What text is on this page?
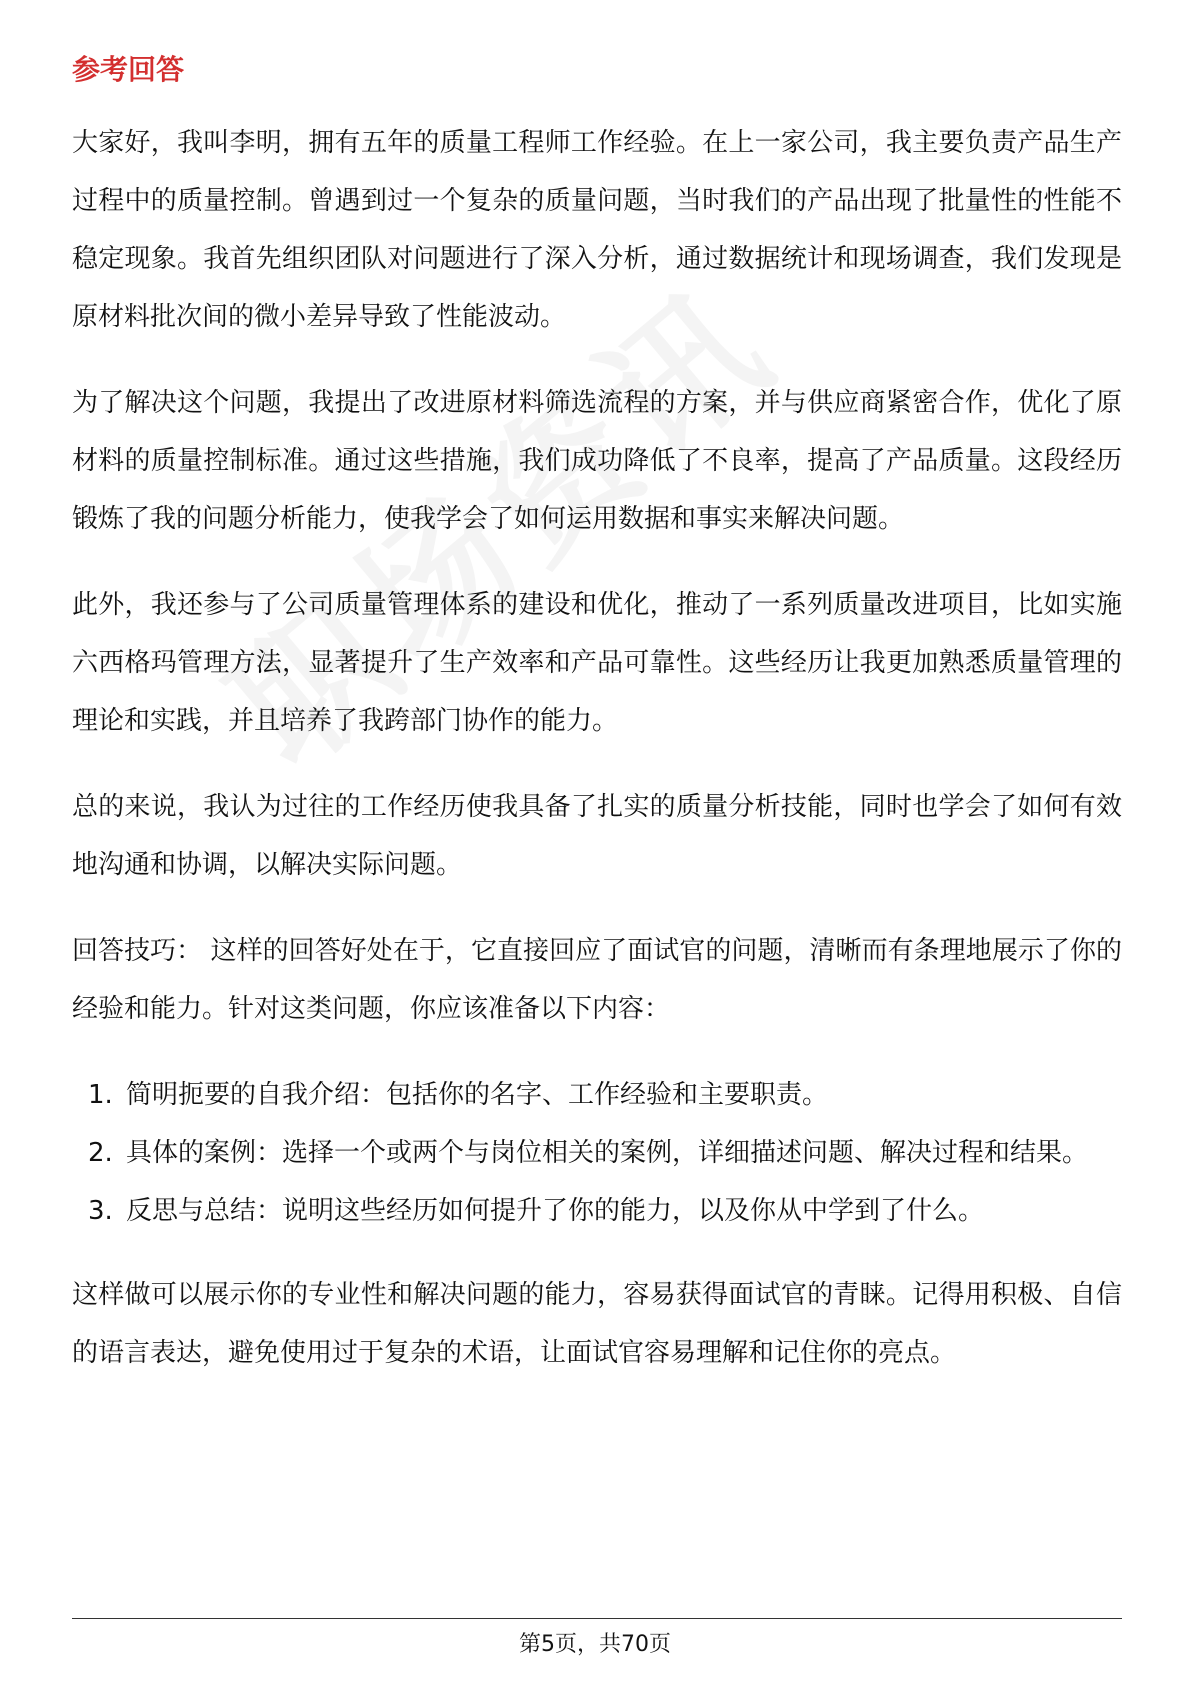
参考回答

大家好，我叫李明，拥有五年的质量工程师工作经验。在上一家公司，我主要负责产品生产过程中的质量控制。曾遇到过一个复杂的质量问题，当时我们的产品出现了批量性的性能不稳定现象。我首先组织团队对问题进行了深入分析，通过数据统计和现场调查，我们发现是原材料批次间的微小差异导致了性能波动。

为了解决这个问题，我提出了改进原材料筛选流程的方案，并与供应商紧密合作，优化了原材料的质量控制标准。通过这些措施，我们成功降低了不良率，提高了产品质量。这段经历锻炼了我的问题分析能力，使我学会了如何运用数据和事实来解决问题。

此外，我还参与了公司质量管理体系的建设和优化，推动了一系列质量改进项目，比如实施六西格玛管理方法，显著提升了生产效率和产品可靠性。这些经历让我更加熟悉质量管理的理论和实践，并且培养了我跨部门协作的能力。

总的来说，我认为过往的工作经历使我具备了扎实的质量分析技能，同时也学会了如何有效地沟通和协调，以解决实际问题。

回答技巧： 这样的回答好处在于，它直接回应了面试官的问题，清晰而有条理地展示了你的经验和能力。针对这类问题，你应该准备以下内容：

1. 简明扼要的自我介绍：包括你的名字、工作经验和主要职责。
2. 具体的案例：选择一个或两个与岗位相关的案例，详细描述问题、解决过程和结果。
3. 反思与总结：说明这些经历如何提升了你的能力，以及你从中学到了什么。

这样做可以展示你的专业性和解决问题的能力，容易获得面试官的青睐。记得用积极、自信的语言表达，避免使用过于复杂的术语，让面试官容易理解和记住你的亮点。

第5页，共70页
